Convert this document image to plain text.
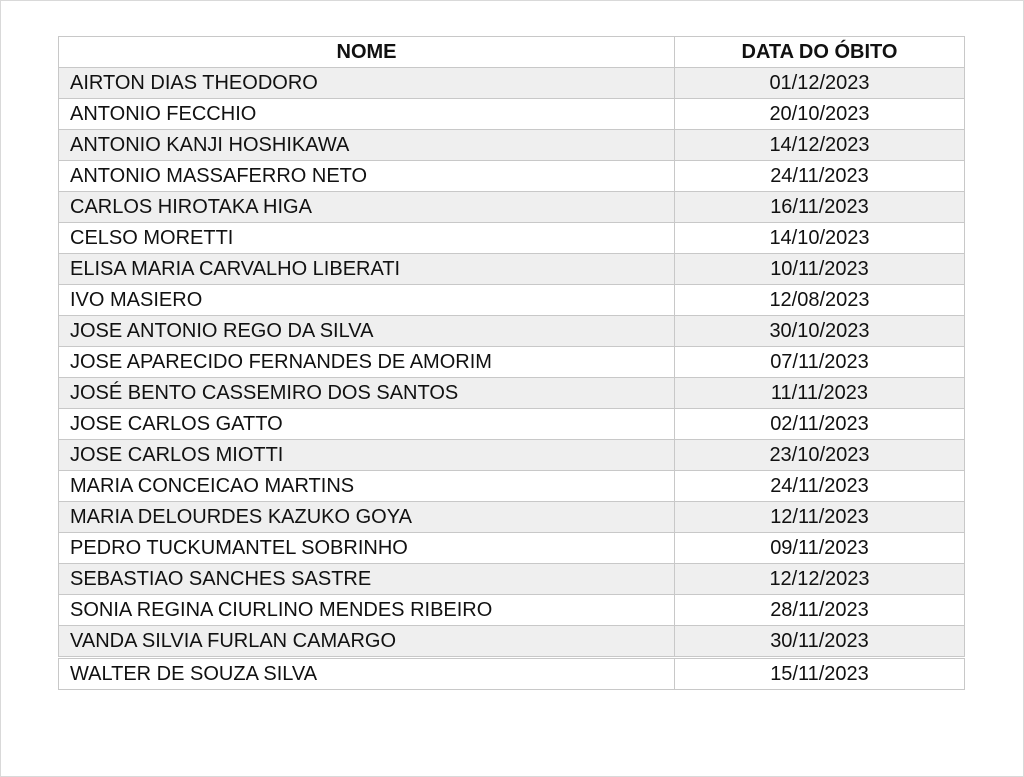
NOME	DATA DO ÓBITO
AIRTON DIAS THEODORO	01/12/2023
ANTONIO FECCHIO	20/10/2023
ANTONIO KANJI HOSHIKAWA	14/12/2023
ANTONIO MASSAFERRO NETO	24/11/2023
CARLOS HIROTAKA HIGA	16/11/2023
CELSO MORETTI	14/10/2023
ELISA MARIA CARVALHO LIBERATI	10/11/2023
IVO MASIERO	12/08/2023
JOSE ANTONIO REGO DA SILVA	30/10/2023
JOSE APARECIDO FERNANDES DE AMORIM	07/11/2023
JOSÉ BENTO CASSEMIRO DOS SANTOS	11/11/2023
JOSE CARLOS GATTO	02/11/2023
JOSE CARLOS MIOTTI	23/10/2023
MARIA CONCEICAO MARTINS	24/11/2023
MARIA DELOURDES KAZUKO GOYA	12/11/2023
PEDRO TUCKUMANTEL SOBRINHO	09/11/2023
SEBASTIAO SANCHES SASTRE	12/12/2023
SONIA REGINA CIURLINO MENDES RIBEIRO	28/11/2023
VANDA SILVIA FURLAN CAMARGO	30/11/2023
WALTER DE SOUZA SILVA	15/11/2023
